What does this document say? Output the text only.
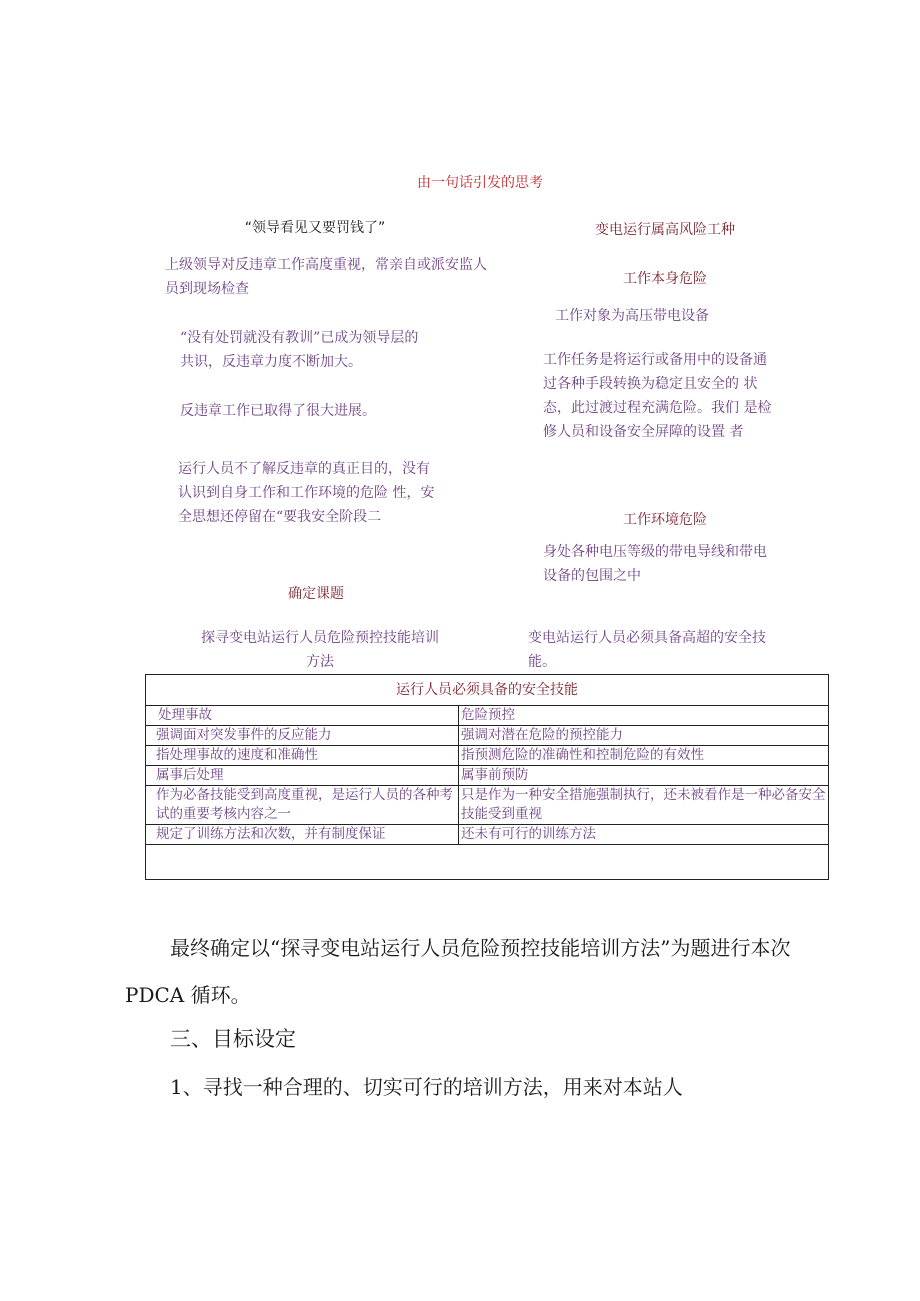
由一句话引发的思考
“领导看见又要罚钱了”
上级领导对反违章工作高度重视，常亲自或派安监人
员到现场检查
“没有处罚就没有教训”已成为领导层的
共识，反违章力度不断加大。
反违章工作已取得了很大进展。
运行人员不了解反违章的真正目的，没有
认识到自身工作和工作环境的危险 性，安
全思想还停留在“要我安全阶段二
变电运行属高风险工种
工作本身危险
工作对象为高压带电设备
工作任务是将运行或备用中的设备通
过各种手段转换为稳定且安全的 状
态，此过渡过程充满危险。我们 是检
修人员和设备安全屏障的设置 者
工作环境危险
身处各种电压等级的带电导线和带电
设备的包围之中
确定课题
探寻变电站运行人员危险预控技能培训
方法
变电站运行人员必须具备高超的安全技
能。
运行人员必须具备的安全技能	
处理事故	危险预控
强调面对突发事件的反应能力	强调对潜在危险的预控能力
指处理事故的速度和准确性	指预测危险的准确性和控制危险的有效性
属事后处理	属事前预防
作为必备技能受到高度重视，是运行人员的各种考试的重要考核内容之一	只是作为一种安全措施强制执行，还未被看作是一种必备安全技能受到重视
规定了训练方法和次数，并有制度保证	还未有可行的训练方法

最终确定以“探寻变电站运行人员危险预控技能培训方法”为题进行本次
PDCA 循环。
三、目标设定
1、寻找一种合理的、切实可行的培训方法，用来对本站人
